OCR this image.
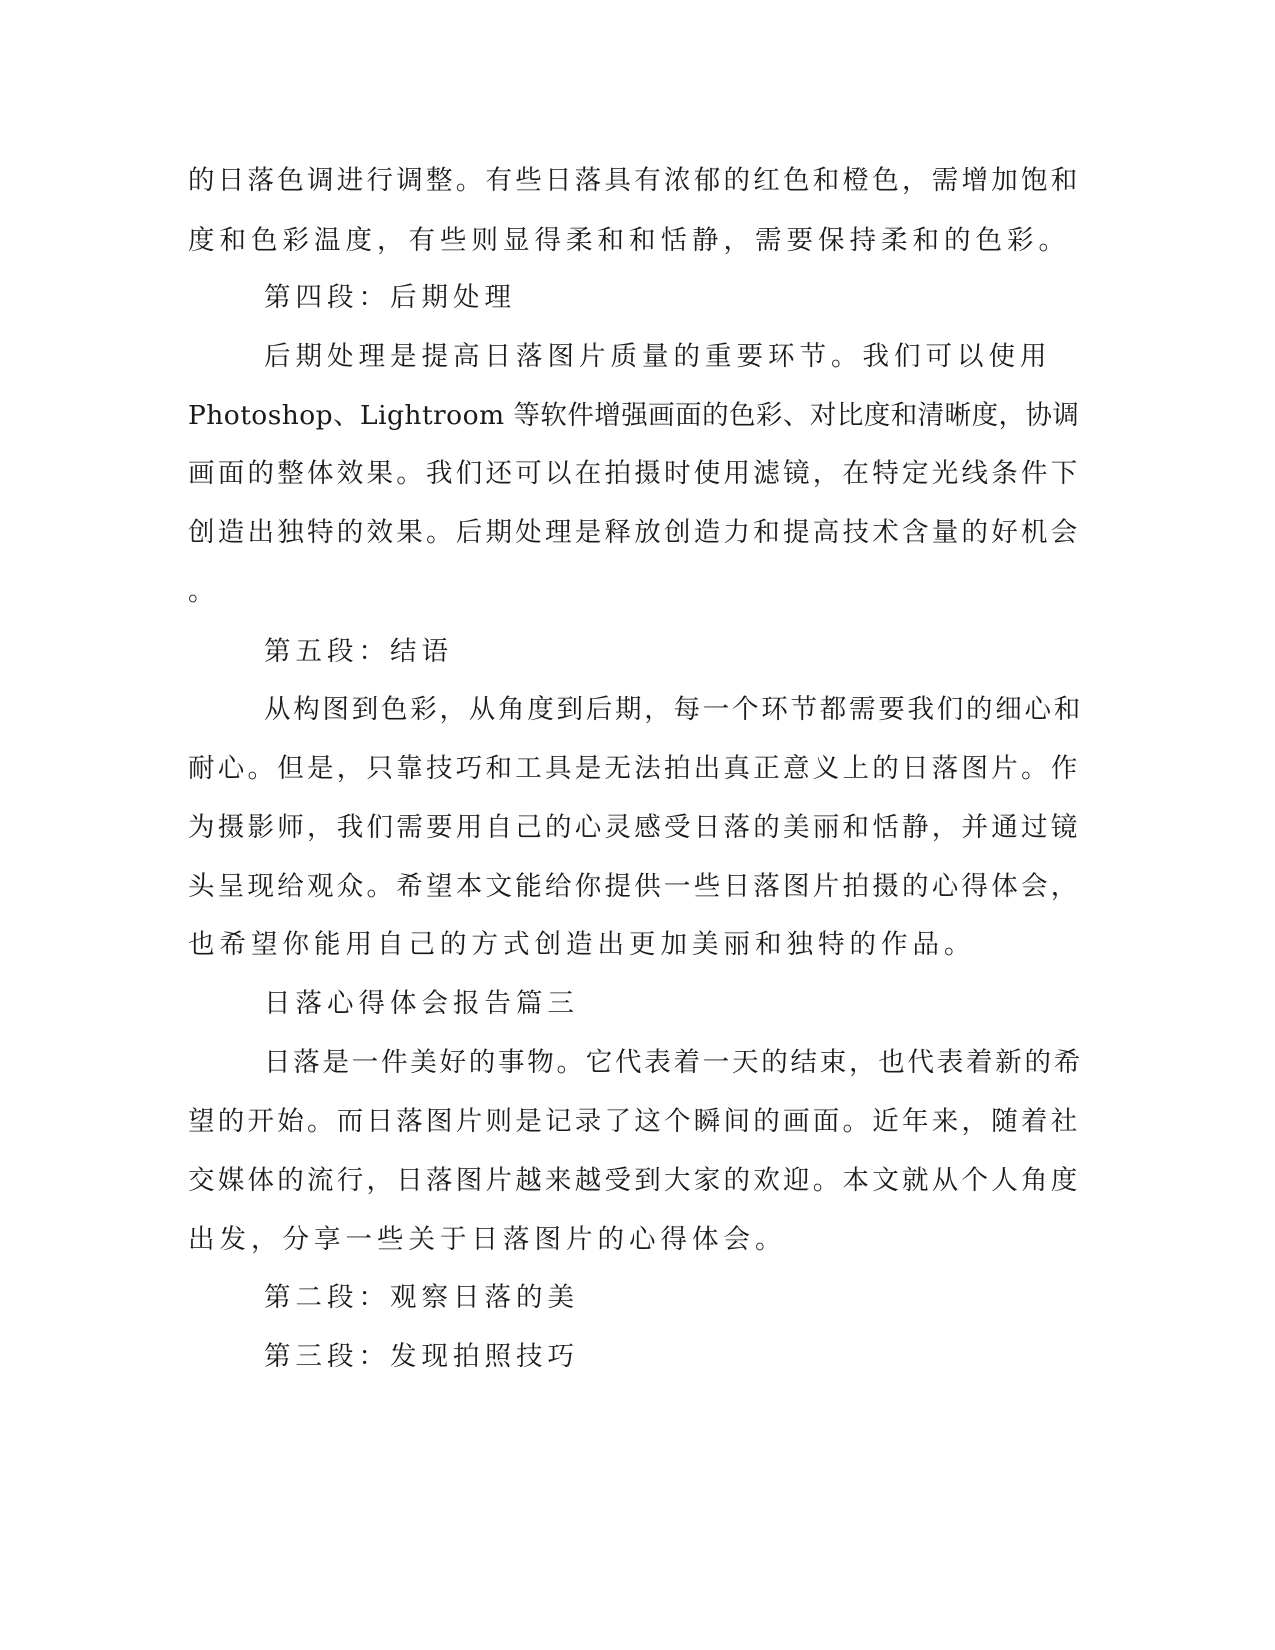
的日落色调进行调整。有些日落具有浓郁的红色和橙色，需增加饱和
度和色彩温度，有些则显得柔和和恬静，需要保持柔和的色彩。
第四段：后期处理
后期处理是提高日落图片质量的重要环节。我们可以使用
Photoshop、Lightroom 等软件增强画面的色彩、对比度和清晰度，协调
画面的整体效果。我们还可以在拍摄时使用滤镜，在特定光线条件下
创造出独特的效果。后期处理是释放创造力和提高技术含量的好机会
。
第五段：结语
从构图到色彩，从角度到后期，每一个环节都需要我们的细心和
耐心。但是，只靠技巧和工具是无法拍出真正意义上的日落图片。作
为摄影师，我们需要用自己的心灵感受日落的美丽和恬静，并通过镜
头呈现给观众。希望本文能给你提供一些日落图片拍摄的心得体会，
也希望你能用自己的方式创造出更加美丽和独特的作品。
日落心得体会报告篇三
日落是一件美好的事物。它代表着一天的结束，也代表着新的希
望的开始。而日落图片则是记录了这个瞬间的画面。近年来，随着社
交媒体的流行，日落图片越来越受到大家的欢迎。本文就从个人角度
出发，分享一些关于日落图片的心得体会。
第二段：观察日落的美
第三段：发现拍照技巧
